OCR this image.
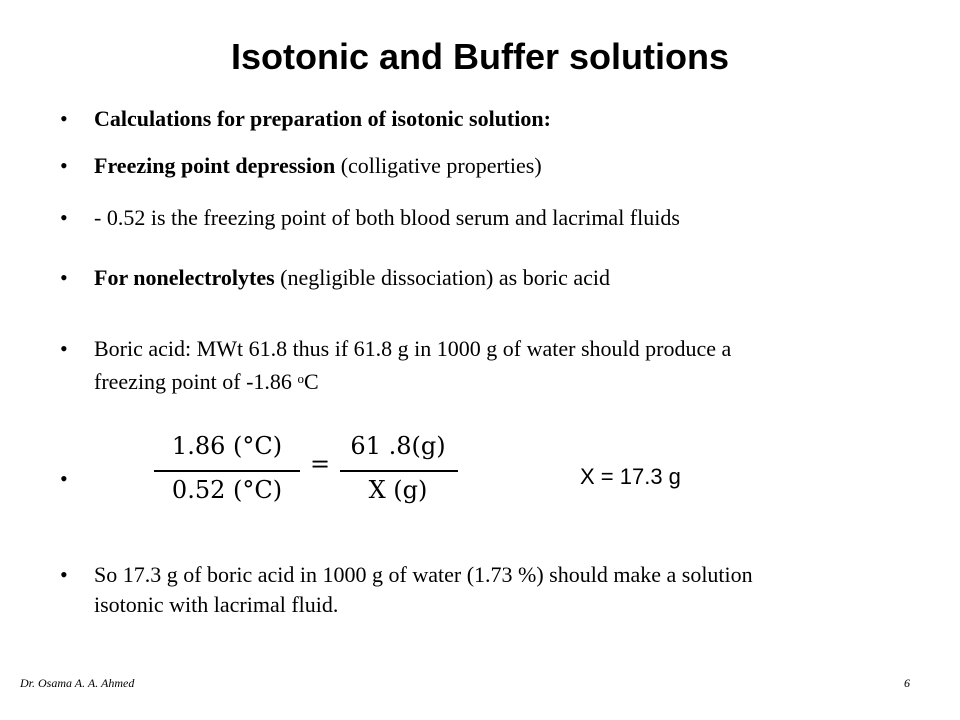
Isotonic and Buffer solutions
•	Calculations for preparation of isotonic solution:
•	Freezing point depression (colligative properties)
•	- 0.52 is the freezing point of both blood serum and lacrimal fluids
•	For nonelectrolytes (negligible dissociation) as boric acid
•	Boric acid: MWt 61.8 thus if 61.8 g in 1000 g of water should produce a
freezing point of -1.86 $^o$C
•
1.86 (°C)
0.52 (°C)
=
61 .8(g)
X (g)	X = 17.3 g
•	So 17.3 g of boric acid in 1000 g of water (1.73 %) should make a solution
isotonic with lacrimal fluid.
Dr. Osama A. A. Ahmed	6
